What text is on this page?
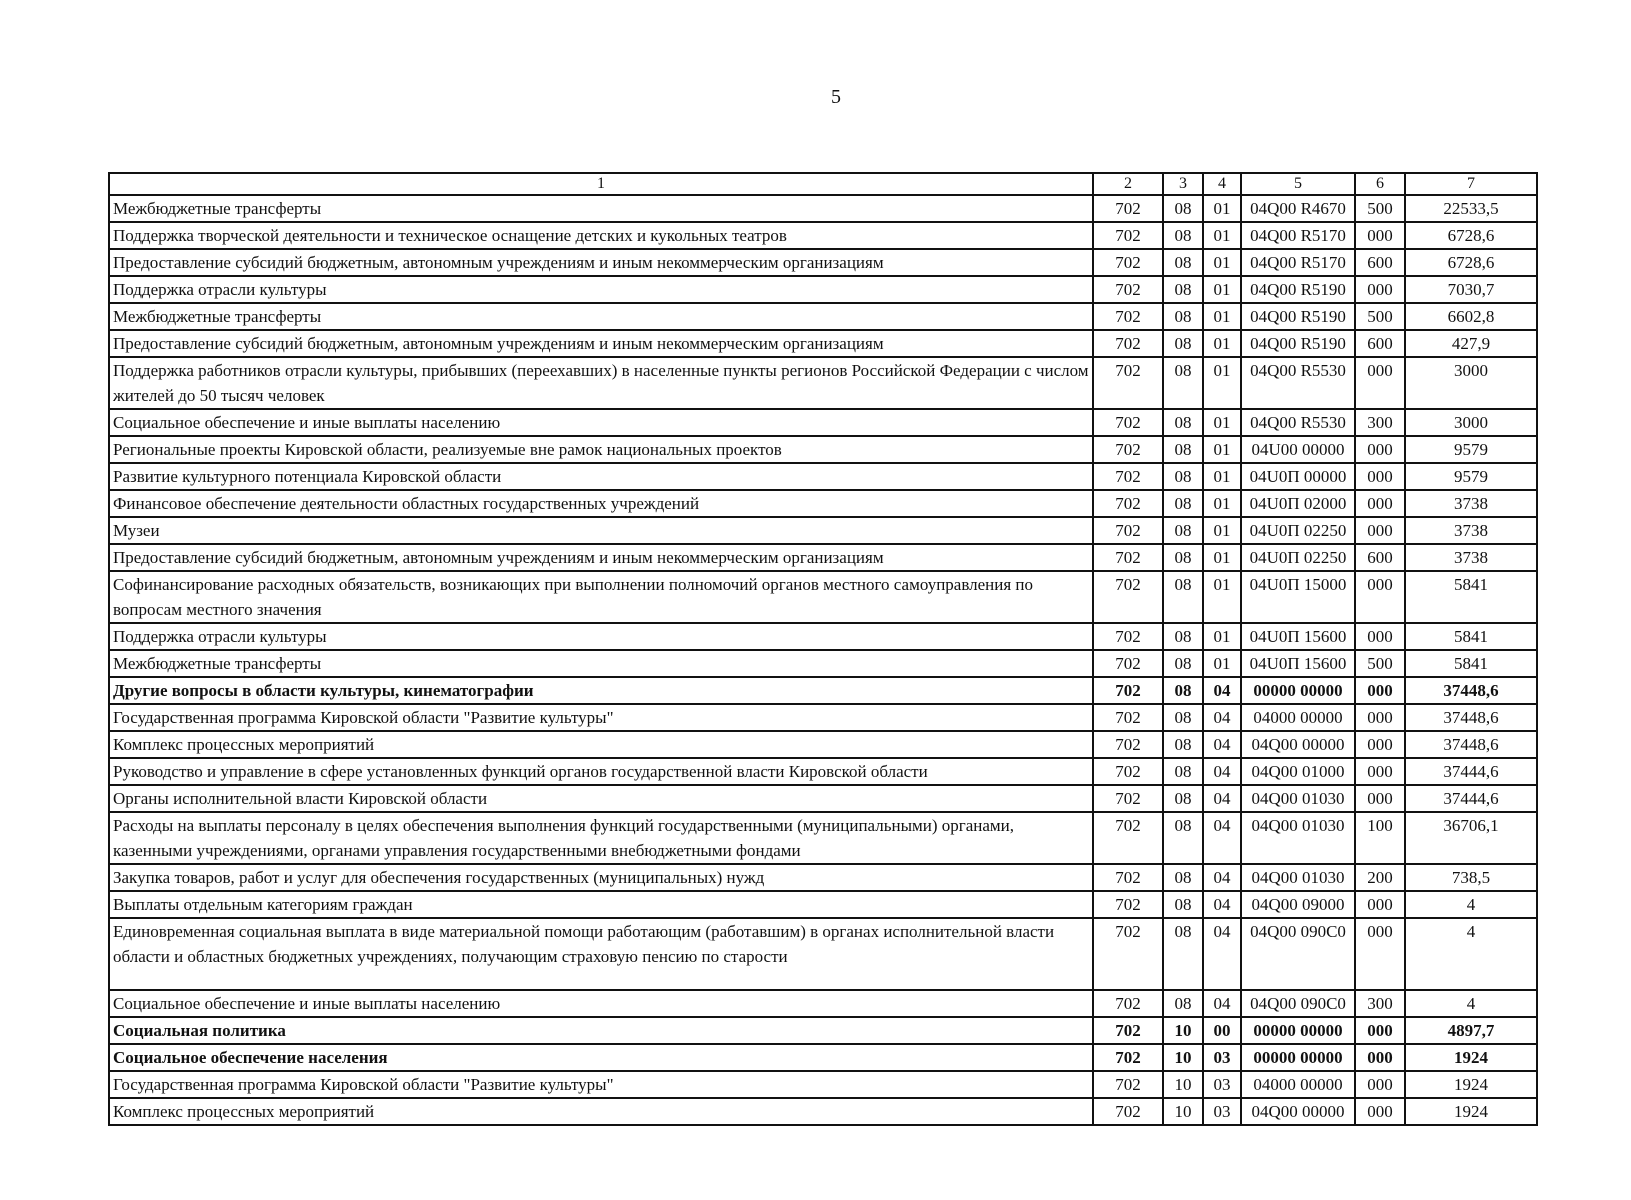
5
1	2	3	4	5	6	7
Межбюджетные трансферты	702	08	01	04Q00 R4670	500	22533,5
Поддержка творческой деятельности и техническое оснащение детских и кукольных театров	702	08	01	04Q00 R5170	000	6728,6
Предоставление субсидий бюджетным, автономным учреждениям и иным некоммерческим организациям	702	08	01	04Q00 R5170	600	6728,6
Поддержка отрасли культуры	702	08	01	04Q00 R5190	000	7030,7
Межбюджетные трансферты	702	08	01	04Q00 R5190	500	6602,8
Предоставление субсидий бюджетным, автономным учреждениям и иным некоммерческим организациям	702	08	01	04Q00 R5190	600	427,9
Поддержка работников отрасли культуры, прибывших (переехавших) в населенные пункты регионов Российской Федерации с числом жителей до 50 тысяч человек	702	08	01	04Q00 R5530	000	3000
Социальное обеспечение и иные выплаты населению	702	08	01	04Q00 R5530	300	3000
Региональные проекты Кировской области, реализуемые вне рамок национальных проектов	702	08	01	04U00 00000	000	9579
Развитие культурного потенциала Кировской области	702	08	01	04U0П 00000	000	9579
Финансовое обеспечение деятельности областных государственных учреждений	702	08	01	04U0П 02000	000	3738
Музеи	702	08	01	04U0П 02250	000	3738
Предоставление субсидий бюджетным, автономным учреждениям и иным некоммерческим организациям	702	08	01	04U0П 02250	600	3738
Софинансирование расходных обязательств, возникающих при выполнении полномочий органов местного самоуправления по вопросам местного значения	702	08	01	04U0П 15000	000	5841
Поддержка отрасли культуры	702	08	01	04U0П 15600	000	5841
Межбюджетные трансферты	702	08	01	04U0П 15600	500	5841
Другие вопросы в области культуры, кинематографии	702	08	04	00000 00000	000	37448,6
Государственная программа Кировской области "Развитие культуры"	702	08	04	04000 00000	000	37448,6
Комплекс процессных мероприятий	702	08	04	04Q00 00000	000	37448,6
Руководство и управление в сфере установленных функций органов государственной власти Кировской области	702	08	04	04Q00 01000	000	37444,6
Органы исполнительной власти Кировской области	702	08	04	04Q00 01030	000	37444,6
Расходы на выплаты персоналу в целях обеспечения выполнения функций государственными (муниципальными) органами, казенными учреждениями, органами управления государственными внебюджетными фондами	702	08	04	04Q00 01030	100	36706,1
Закупка товаров, работ и услуг для обеспечения государственных (муниципальных) нужд	702	08	04	04Q00 01030	200	738,5
Выплаты отдельным категориям граждан	702	08	04	04Q00 09000	000	4
Единовременная социальная выплата в виде материальной помощи работающим (работавшим) в органах исполнительной власти области и областных бюджетных учреждениях, получающим страховую пенсию по старости	702	08	04	04Q00 090C0	000	4
Социальное обеспечение и иные выплаты населению	702	08	04	04Q00 090C0	300	4
Социальная политика	702	10	00	00000 00000	000	4897,7
Социальное обеспечение населения	702	10	03	00000 00000	000	1924
Государственная программа Кировской области "Развитие культуры"	702	10	03	04000 00000	000	1924
Комплекс процессных мероприятий	702	10	03	04Q00 00000	000	1924
